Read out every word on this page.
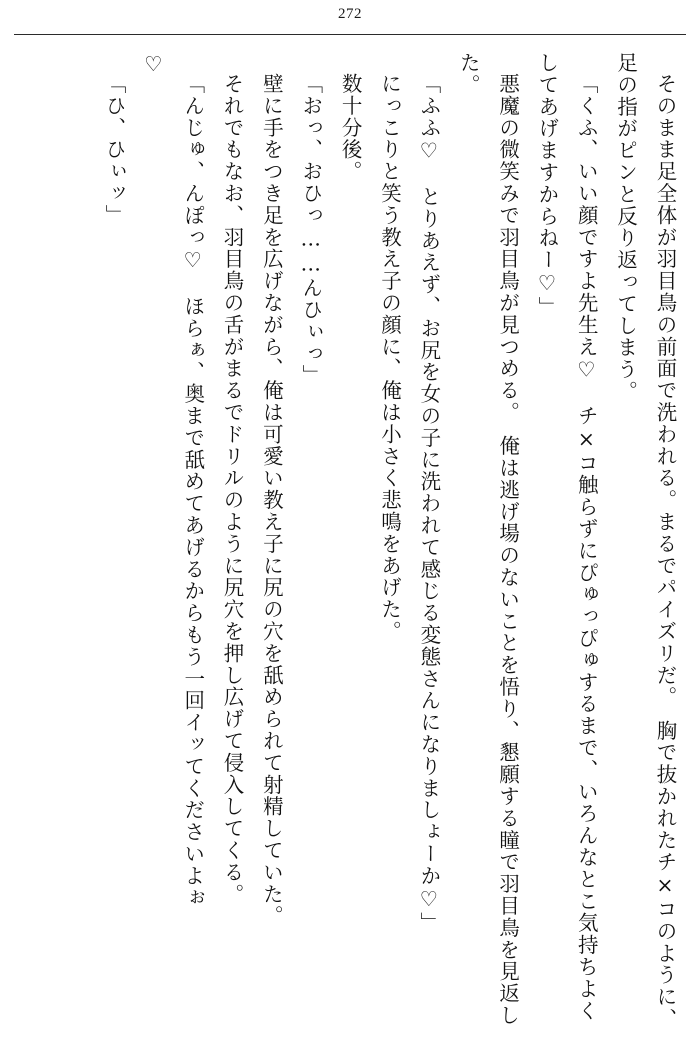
272

そのまま足全体が羽目鳥の前面で洗われる。まるでパイズリだ。　胸で抜かれたチ×コのように、足の指がピンと反り返ってしまう。

「くふ、いい顔ですよ先生え♡　チ×コ触らずにぴゅっぴゅするまで、いろんなとこ気持ちよくしてあげますからねー♡」

悪魔の微笑みで羽目鳥が見つめる。　俺は逃げ場のないことを悟り、懇願する瞳で羽目鳥を見返した。

「ふふ♡　とりあえず、お尻を女の子に洗われて感じる変態さんになりましょーか♡」

にっこりと笑う教え子の顔に、俺は小さく悲鳴をあげた。

数十分後。

「おっ、おひっ……んひぃっ」

壁に手をつき足を広げながら、俺は可愛い教え子に尻の穴を舐められて射精していた。

それでもなお、羽目鳥の舌がまるでドリルのように尻穴を押し広げて侵入してくる。

「んじゅ、んぽっ♡　ほらぁ、奥まで舐めてあげるからもう一回イッてくださいよぉ

♡

「ひ、ひぃッ」
